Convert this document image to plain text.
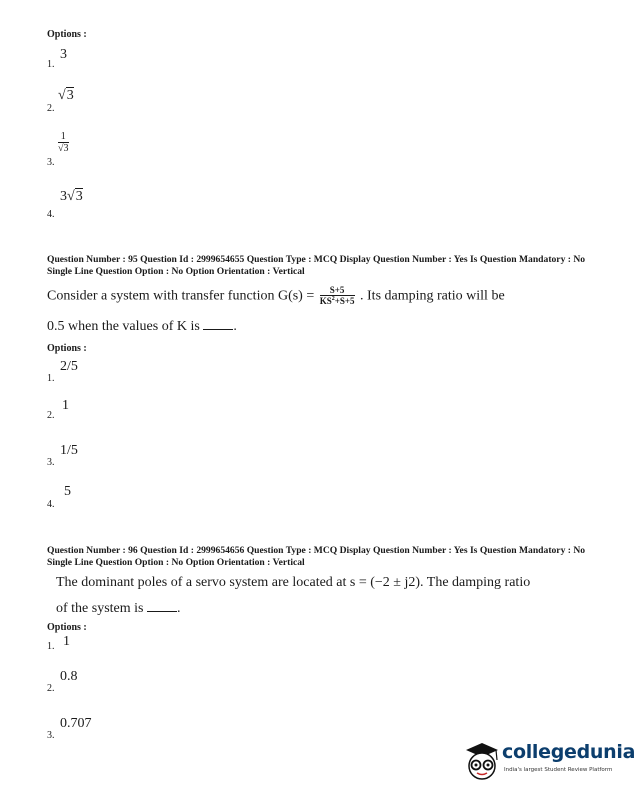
Options :
1.
3
2.
√3
3.
$\frac{1}{√3}$
4.
3√3
Question Number : 95 Question Id : 2999654655 Question Type : MCQ Display Question Number : Yes Is Question Mandatory : No Single Line Question Option : No Option Orientation : Vertical
Consider a system with transfer function $G(s) = \frac{S+5}{KS^2+S+5}$ . Its damping ratio will be
0.5 when the values of K is .
Options :
1.
2/5
2.
1
3.
1/5
4.
5
Question Number : 96 Question Id : 2999654656 Question Type : MCQ Display Question Number : Yes Is Question Mandatory : No Single Line Question Option : No Option Orientation : Vertical
The dominant poles of a servo system are located at s = (−2 ± j2). The damping ratio
of the system is .
Options :
1. 1
2.
0.8
3.
0.707
collegedunia
India's largest Student Review Platform
